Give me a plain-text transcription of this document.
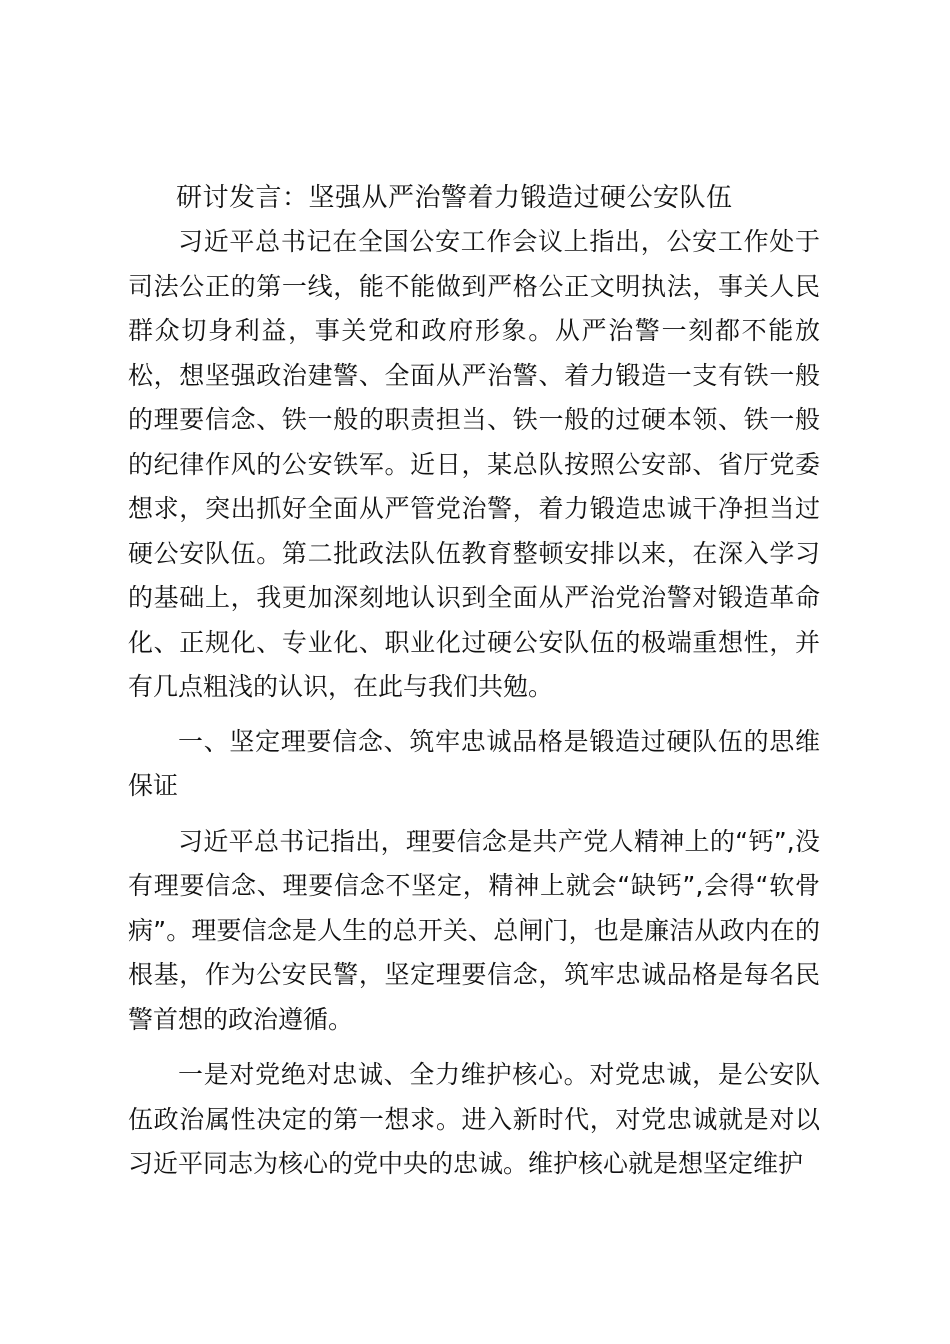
研讨发言：坚强从严治警着力锻造过硬公安队伍

习近平总书记在全国公安工作会议上指出，公安工作处于司法公正的第一线，能不能做到严格公正文明执法，事关人民群众切身利益，事关党和政府形象。从严治警一刻都不能放松，想坚强政治建警、全面从严治警、着力锻造一支有铁一般的理要信念、铁一般的职责担当、铁一般的过硬本领、铁一般的纪律作风的公安铁军。近日，某总队按照公安部、省厅党委想求，突出抓好全面从严管党治警，着力锻造忠诚干净担当过硬公安队伍。第二批政法队伍教育整顿安排以来，在深入学习的基础上，我更加深刻地认识到全面从严治党治警对锻造革命化、正规化、专业化、职业化过硬公安队伍的极端重想性，并有几点粗浅的认识，在此与我们共勉。

一、坚定理要信念、筑牢忠诚品格是锻造过硬队伍的思维保证

习近平总书记指出，理要信念是共产党人精神上的“钙”,没有理要信念、理要信念不坚定，精神上就会“缺钙”,会得“软骨病”。理要信念是人生的总开关、总闸门，也是廉洁从政内在的根基，作为公安民警，坚定理要信念，筑牢忠诚品格是每名民警首想的政治遵循。

一是对党绝对忠诚、全力维护核心。对党忠诚，是公安队伍政治属性决定的第一想求。进入新时代，对党忠诚就是对以习近平同志为核心的党中央的忠诚。维护核心就是想坚定维护
